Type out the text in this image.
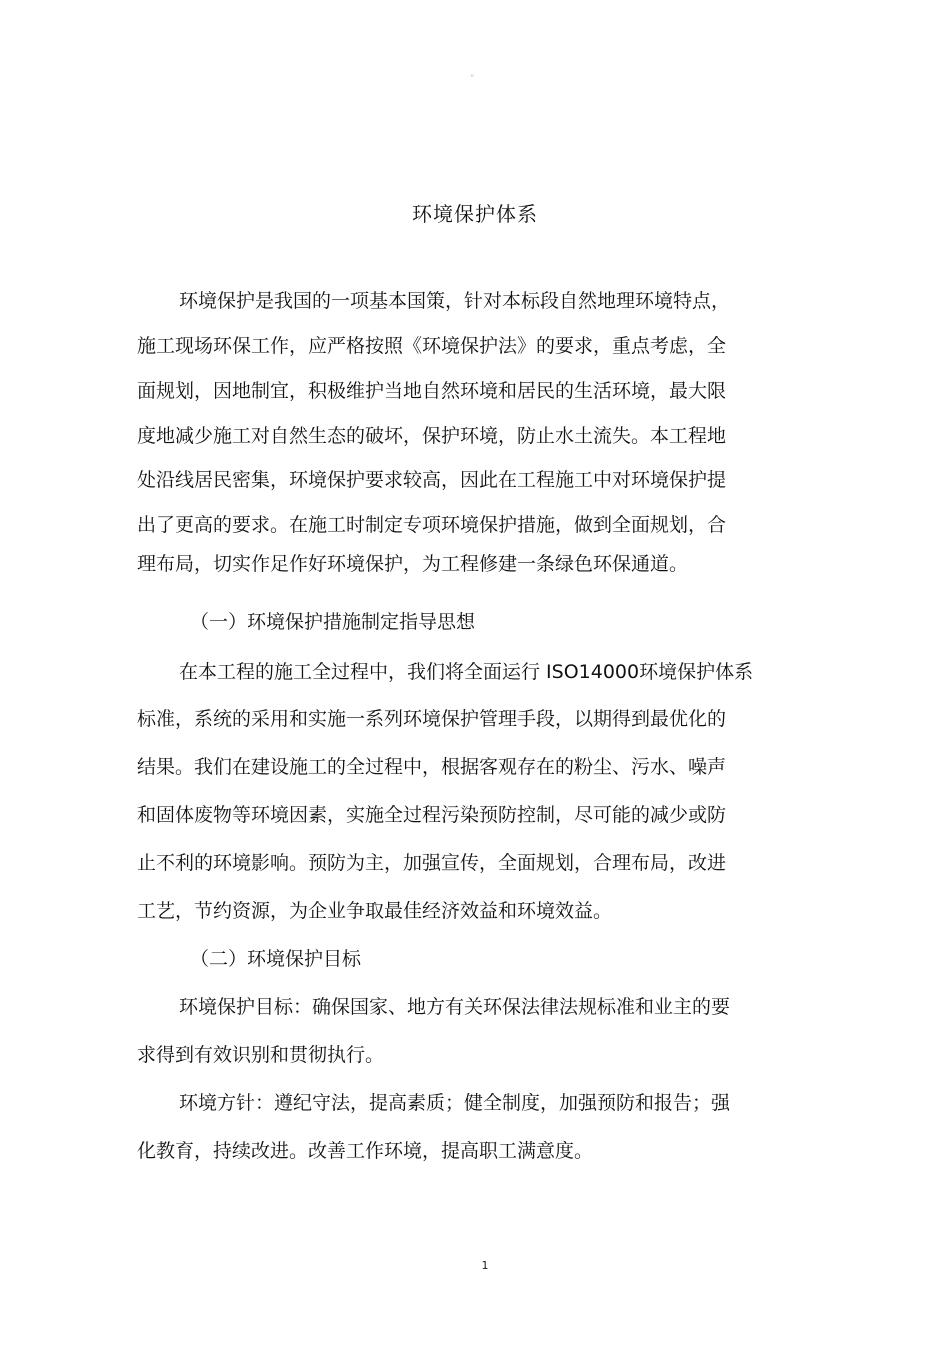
。
环境保护体系
环境保护是我国的一项基本国策，针对本标段自然地理环境特点，
施工现场环保工作，应严格按照《环境保护法》的要求，重点考虑，全
面规划，因地制宜，积极维护当地自然环境和居民的生活环境，最大限
度地减少施工对自然生态的破坏，保护环境，防止水土流失。本工程地
处沿线居民密集，环境保护要求较高，因此在工程施工中对环境保护提
出了更高的要求。在施工时制定专项环境保护措施，做到全面规划，合
理布局，切实作足作好环境保护，为工程修建一条绿色环保通道。
（一）环境保护措施制定指导思想
在本工程的施工全过程中，我们将全面运行 ISO14000环境保护体系
标准，系统的采用和实施一系列环境保护管理手段，以期得到最优化的
结果。我们在建设施工的全过程中，根据客观存在的粉尘、污水、噪声
和固体废物等环境因素，实施全过程污染预防控制，尽可能的减少或防
止不利的环境影响。预防为主，加强宣传，全面规划，合理布局，改进
工艺，节约资源，为企业争取最佳经济效益和环境效益。
（二）环境保护目标
环境保护目标：确保国家、地方有关环保法律法规标准和业主的要
求得到有效识别和贯彻执行。
环境方针：遵纪守法，提高素质；健全制度，加强预防和报告；强
化教育，持续改进。改善工作环境，提高职工满意度。
1
